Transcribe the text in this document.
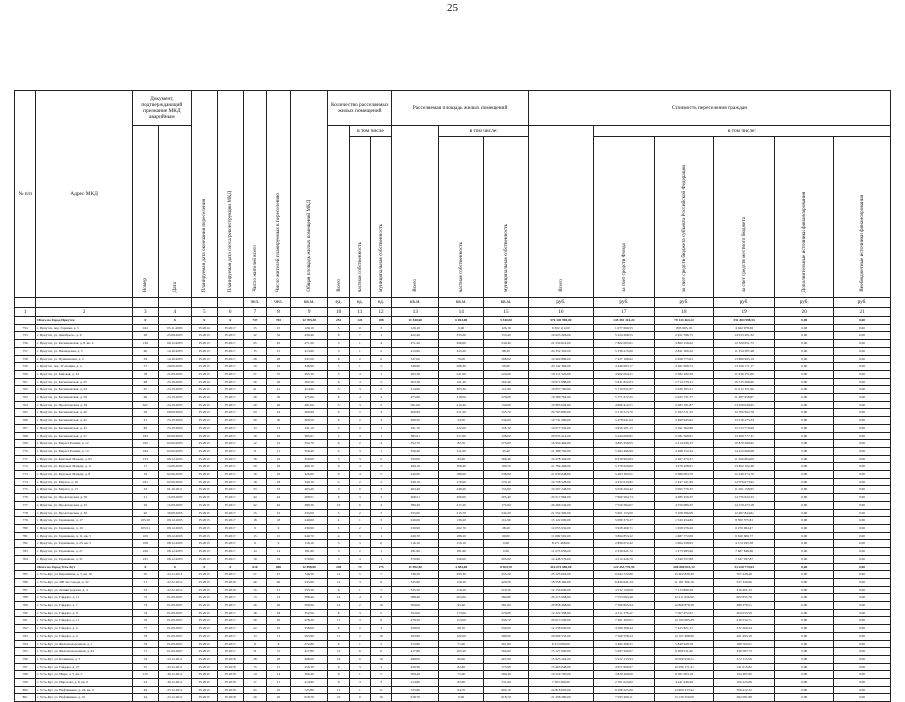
25
№ п/п	Адрес МКД	Документ, подтверждающий признание МКД аварийным		Планируемая дата окончания переселения	Планируемая дата сноса/реконструкции МКД	Число жителей всего	Число жителей планируемых к переселению	Общая площадь жилых помещений МКД	Количество расселяемых жилых помещений			Расселяемая площадь жилых помещений			Стоимость переселения граждан					
		Номер	Дата						Всего	в том числе		Всего	в том числе:		Всего	в том числе:				
										частная собственность	муниципальная собственность		частная собственность	муниципальная собственность		за счет средств Фонда	за счет средств бюджета субъекта Российской Федерации	за счет средств местного бюджета	Дополнительные источники финансирования	Внебюджетные источники финансирования
						чел.	чел.	кв.м.	ед.	ед.	ед.	кв.м.	кв.м.	кв.м.	руб.	руб.	руб.	руб.	руб.	руб.
1	2	3	4	5	6	7	8	9	10	11	12	13	14	15	16	17	18	19	20	21
	Итого по Город Иркутск	Х	Х	Х	Х	737	702	12 705,30	252	124	108	11 540,60	6 004,00	5 540,50	576 345 990,00	145 381 316,24	79 124 463,22	351 804 998,54	0,00	0,00
754	г. Иркутск, пер. Горняка, д. 5	104	05.11.2005	IV.2014	IV.2017	15	15	126,10	3	0	3	126,10	0,00	126,10	6 302 112,00	1 677 690,55	895 993,19	4 042 978,26	0,00	0,00
755	г. Иркутск, ул. Декабрьск., д. 9	28	25.09.2005	IV.2015	IV.2017	32	32	430,40	8	7	1	422,40	335,00	155,40	19 623 206,00	5 224 266,55	2 611 796,73	14 915 201,32	0,00	0,00
756	г. Иркутск, ул. Касьяновская, д. 8, кв. 4	136	09.12.2005	IV.2015	IV.2017	45	45	271,20	5	1	4	271,20	290,00	230,40	21 559 614,00	7 862 005,61	3 862 156,62	12 329 651,75	0,00	0,00
757	г. Иркутск, ул. Пионерская, д. 5	60	14.10.2005	IV.2015	IV.2017	15	15	413,60	3	1	2	413,60	325,20	88,30	20 352 302,00	5 338 215,60	2 841 506,32	11 354 587,48	0,00	0,00
758	г. Иркутск, ул. Пушкинская, д. 2	59	14.10.2005	IV.2015	IV.2017	28	28	347,00	8	2	6	347,00	79,00	268,00	19 409 886,00	7 437 168,62	2 658 775,93	13 899 965,19	0,00	0,00
759	г. Иркутск, пер. Угольщик, д. 4	57	29.09.2005	IV.2015	IV.2017	19	19	348,90	3	1	2	348,90	288,30	60,60	20 142 384,00	4 449 693,17	2 461 008,73	13 226 171,17	0,00	0,00
760	г. Иркутск, ул. Кайская, д. 34	78	21.09.2005	IV.2015	IV.2017	37	37	265,30	5	4	1	265,30	241,00	224,00	18 311 320,00	4 992 064,21	2 382 182,36	11 936 151,80	0,00	0,00
761	г. Иркутск, ул. Касьяновская, д. 25	68	25.10.2005	IV.2014	IV.2017	26	26	392,50	6	4	2	303,30	191,20	202,40	19 071 888,00	5 841 822,03	2 714 379,41	10 515 286,66	0,00	0,00
762	г. Иркутск, ул. Касьяновская, д. 24	67	25.10.2005	IV.2015	IV.2017	41	41	414,90	5	3	2	414,90	303,30	112,90	19 857 760,00	5 710 031,87	2 936 305,31	11 012 351,96	0,00	0,00
763	г. Иркутск, ул. Касьяновская, д. 26	66	25.10.2005	IV.2014	IV.2017	30	30	475,60	8	4	4	475,60	318,00	276,00	19 580 764,00	5 771 672,25	2 925 731,77	11 287 958,87	0,00	0,00
764	г. Иркутск, ул. Пролетарская, д. 39	647	24.10.2005	IV.2015	IV.2017	29	29	361,00	5	3	2	361,00	210,40	150,60	19 983 624,00	4 669 412,51	2 283 161,87	13 026 049,62	0,00	0,00
765	г. Иркутск, ул. Касьяновская, д. 40	39	09.09.2005	IV.2015	IV.2017	24	24	406,99	9	5	4	406,99	251,20	155,79	20 765 800,00	5 210 513,70	2 932 311,53	12 700 902,78	0,00	0,00
766	г. Иркутск, ул. Касьяновская, д. 42	41	25.10.2005	IV.2015	IV.2017	30	30	306,50	6	2	4	289,50	54,50	234,00	19 741 260,00	5 478 641,04	3 469 945,62	12 016 275,34	0,00	0,00
767	г. Иркутск, ул. Касьяновская, д. 43	82	25.10.2005	IV.2015	IV.2017	13	13	341,10	3	2	1	341,10	222,00	118,10	19 677 324,00	4 950 421,15	2 291 562,89	12 515 779,69	0,00	0,00
768	г. Иркутск, ул. Касьяновская, д. 51	183	02.09.2005	IV.2015	IV.2017	16	16	385,61	5	4	1	385,61	257,00	128,00	20 035 414,00	5 244 009,81	2 581 508,81	13 309 777,31	0,00	0,00
769	г. Иркутск, ул. Марата Разина, д. 12	192	02.09.2005	IV.2015	IV.2017	12	12	352,70	6	2	4	352,70	82,70	275,00	14 959 464,00	4 865 458,05	2 214 636,33	10 879 289,62	0,00	0,00
770	г. Иркутск, ул. Марата Разина, д. 13	194	02.09.2005	IV.2015	IV.2017	11	11	356,40	4	3	1	356,40	311,00	45,40	21 389 792,00	5 364 466,99	2 498 152,44	14 223 996,68	0,00	0,00
771	г. Иркутск, ул. Красных Мадьяр, д. 65	123	08.12.2005	IV.2015	IV.2017	16	16	350,00	5	3	2	350,00	83,60	266,40	19 478 304,00	6 039 993,83	2 467 479,37	11 500 864,69	0,00	0,00
772	г. Иркутск, ул. Красных Мадьяр, д. 11	17	14.09.2005	IV.2015	IV.2017	29	29	499,10	6	4	2	499,10	308,40	190,70	21 784 496,00	5 379 629,69	3 076 928,97	13 492 102,48	0,00	0,00
773	г. Иркутск, ул. Красных Мадьяр, д. 8	19	02.09.2005	IV.2015	IV.2017	16	16	426,60	9	4	5	426,60	186,00	238,00	21 630 648,00	5 403 382,61	2 989 003,70	12 246 273,79	0,00	0,00
774	г. Иркутск, ул. Марата, д. 10	191	02.09.2005	IV.2015	IV.2017	18	18	349,10	4	2	2	349,10	179,00	170,10	19 758 528,00	4 432 033,82	2 447 161,69	12 076 673,92	0,00	0,00
775	г. Иркутск, ул. Марата, д. 13	32	01.10.2011	IV.2015	IV.2017	33	33	403,40	3	0	3	403,40	248,40	155,00	19 297 248,00	5 056 294,42	2 995 776,33	11 261 158,85	0,00	0,00
776	г. Иркутск, ул. Пролетарская, д. 56	21	15.09.2005	IV.2015	IV.2017	44	44	408,51	6	3	3	408,51	300,00	205,40	20 517 984,00	7 960 564,74	4 085 459,35	14 735 634,32	0,00	0,00
777	г. Иркутск, ул. Пролетарская, д. 25	20	15.09.2005	IV.2015	IV.2017	42	42	389,36	10	6	4	389,36	217,20	172,00	26 466 544,00	7 550 564,07	4 550 989,35	14 179 473,18	0,00	0,00
778	г. Иркутск, ул. Пролетарская, д. 30	20	30.09.2005	IV.2015	IV.2017	15	15	435,00	5	2	3	435,00	215,70	242,20	21 554 300,00	5 661 153,00	3 108 596,99	12 467 844,61	0,00	0,00
779	г. Иркутск, ул. Терешкова, д. 17	105/10	08.12.2005	IV.2015	IV.2017	18	18	249,60	4	1	3	249,60	136,20	112,90	15 122 000,00	5 080 370,27	1 543 434,82	8 500 575,81	0,00	0,00
780	г. Иркутск, ул. Терешкова, д. 19	105/11	08.12.2005	IV.2015	IV.2017	9	9	230,90	3	2	1	230,90	202,70	28,20	12 055 932,00	3 928 469,71	1 658 276,26	6 476 004,47	0,00	0,00
781	г. Иркутск, ул. Терешкова, д. 11, кв. 5	103	08.12.2005	IV.2015	IV.2017	15	15	240,70	4	3	1	240,70	188,20	60,00	11 669 592,00	3 864 853,22	1 687 772,09	6 620 606,77	0,00	0,00
782	г. Иркутск, ул. Терешкова, д. 25, кв. 5	108	08.12.2005	IV.2015	IV.2017	9	9	116,10	3	3	0	116,10	116,10	0,00	8 271 408,00	2 899 672,42	1 064 238,95	4 174 035,58	0,00	0,00
783	г. Иркутск, ул. Терешкова, д. 27	229	08.12.2005	IV.2015	IV.2017	14	14	181,90	3	2	1	181,90	181,90	0,00	11 273 636,00	2 239 641,72	1 275 995,96	7 667 846,66	0,00	0,00
784	г. Иркутск, ул. Терешкова, д. 31	231	08.12.2005	IV.2015	IV.2017	19	19	379,90	5	4	1	379,90	320,00	205,00	14 448 576,00	4 514 426,79	2 349 357,88	7 647 037,87	0,00	0,00
	Итого по Город Усть-Кут	Х	Х	Х	Х	616	606	12 098,00	248	73	175	11 992,40	3 484,00	8 504,70	416 074 080,00	122 453 770,95	260 860 815,14	33 228 779,64	0,00	0,00
785	г. Усть-Кут, ул. Кирпичная, д. 5, кв. 10	50	22.11.2011	IV.2015	IV.2017	27	27	746,50	12	5	7	746,50	293,30	453,20	25 525 602,00	9 264 722,80	15 402 830,30	707 428,48	0,00	0,00
786	г. Усть-Кут, ул. 400 лет города, д. 22	51	22.12.2011	IV.2015	IV.2018	40	40	545,60	12	3	9	545,60	119,30	426,30	18 558 360,00	6 840 641,34	11 181 306,10	537 340,96	0,00	0,00
787	г. Усть-Кут, ул. Ленинградская, д. 4	52	22.12.2011	IV.2015	IV.2018	15	15	335,50	6	1	5	335,50	116,20	219,30	12 156 000,00	4 552 139,09	7 113 869,59	310 491,33	0,00	0,00
788	г. Усть-Кут, ул. Гайдара, д. 12	72	01.09.2007	IV.2015	IV.2017	13	13	588,40	12	4	8	588,40	203,60	384,80	20 215 608,00	7 553 093,46	12 211 656,92	602 855,76	0,00	0,00
789	г. Усть-Кут, ул. Гайдара, д. 7	73	01.09.2007	IV.2015	IV.2017	26	26	506,00	12	2	10	506,00	95,40	381,60	20 858 268,00	7 560 605,94	12 809 876,58	489 376,51	0,00	0,00
790	г. Усть-Кут, ул. Гайдара, д. 9	74	01.09.2007	IV.2015	IV.2017	18	18	352,00	8	3	5	352,00	173,00	279,00	12 322 508,00	4 511 379,47	7 507 472,97	304 055,56	0,00	0,00
791	г. Усть-Кут, ул. Гайдара, д. 11	76	01.09.2007	IV.2015	IV.2017	20	20	478,20	11	3	8	478,20	113,00	356,70	20 013 500,00	7 491 302,01	12 105 665,28	416 532,71	0,00	0,00
792	г. Усть-Кут, ул. Гайдара, д. 2	77	01.09.2007	IV.2015	IV.2017	22	22	358,00	6	2	4	358,00	98,10	259,90	12 238 000,00	4 580 368,44	7 425 821,31	312 200,24	0,00	0,00
793	г. Усть-Кут, ул. Гайдара, д. 4	78	01.09.2007	IV.2015	IV.2017	13	13	393,90	12	2	10	393,90	102,00	290,90	20 099 552,00	7 500 558,24	12 107 498,60	491 495,16	0,00	0,00
794	г. Усть-Кут, ул. Железнодорожная, д. 1	79	01.09.2007	IV.2015	IV.2017	8	8	272,80	6	1	5	272,80	71,00	201,80	9 513 000,00	3 482 308,21	5 840 929,78	189 762,01	0,00	0,00
795	г. Усть-Кут, ул. Железнодорожная, д. 43	71	01.09.2007	IV.2015	IV.2017	31	31	417,80	12	6	6	417,80	105,20	302,60	15 127 000,00	5 587 500,67	9 208 911,60	330 587,73	0,00	0,00
796	г. Усть-Кут, ул. Калинина, д. 5	54	23.12.2011	IV.2015	IV.2018	28	28	498,00	10	0	10	498,00	90,00	407,00	15 925 204,00	5 952 133,93	10 000 956,51	272 113,56	0,00	0,00
797	г. Усть-Кут, ул. Гайдара, д. 27	55	23.12.2011	IV.2015	IV.2018	15	15	256,30	6	3	3	256,30	82,40	173,90	15 403 848,00	4 971 660,97	10 290 171,21	141 015,82	0,00	0,00
798	г. Усть-Кут, ул. Мира, д. 5, кв. 5	132	30.12.2011	IV.2015	IV.2018	14	14	309,40	6	1	5	309,40	71,90	209,40	10 524 700,00	3 829 209,00	6 501 003,18	194 487,82	0,00	0,00
799	г. Усть-Кут, ул. Пирогова, д. 6, кв. 6	24	30.12.2011	IV.2015	IV.2018	17	17	214,80	6	3	3	214,80	82,90	131,90	7 303 200,00	2 761 024,82	4 441 949,49	100 225,69	0,00	0,00
800	г. Усть-Кут, ул. Нефтяников, д. 24, кв. 4	49	23.12.2011	IV.2015	IV.2018	45	45	725,80	12	1	11	725,80	64,70	602,10	24 818 603,00	9 208 225,06	14 900 237,92	709 412,32	0,00	0,00
801	г. Усть-Кут, ул. Нефтяников, д. 10	44	23.12.2011	IV.2015	IV.2018	20	20	618,70	10	0	10	618,70	0,00	618,70	21 458 280,00	7 933 369,11	13 130 329,00	394 581,89	0,00	0,00
